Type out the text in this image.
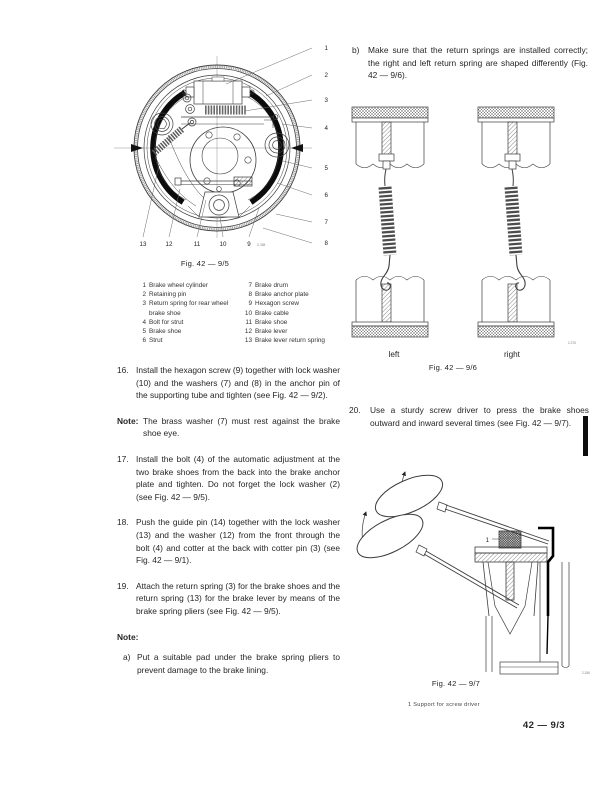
1
2
3
4
5
6
7
8
13	12	11	10	9 Z-358
Fig. 42 — 9/5
1 Brake wheel cylinder
2 Retaining pin
3 Return spring for rear wheel brake shoe
4 Bolt for strut
5 Brake shoe
6 Strut
7 Brake drum
8 Brake anchor plate
9 Hexagon screw
10 Brake cable
11 Brake shoe
12 Brake lever
13 Brake lever return spring

16. Install the hexagon screw (9) together with lock washer (10) and the washers (7) and (8) in the anchor pin of the supporting tube and tighten (see Fig. 42 — 9/2).

Note: The brass washer (7) must rest against the brake shoe eye.

17. Install the bolt (4) of the automatic adjustment at the two brake shoes from the back into the brake anchor plate and tighten. Do not forget the lock washer (2) (see Fig. 42 — 9/5).

18. Push the guide pin (14) together with the lock washer (13) and the washer (12) from the front through the bolt (4) and cotter at the back with cotter pin (3) (see Fig. 42 — 9/1).

19. Attach the return spring (3) for the brake shoes and the return spring (13) for the brake lever by means of the brake spring pliers (see Fig. 42 — 9/5).

Note:

a) Put a suitable pad under the brake spring pliers to prevent damage to the brake lining.

b) Make sure that the return springs are installed correctly; the right and left return spring are shaped differently (Fig. 42 — 9/6).

2-376
left	right
Fig. 42 — 9/6

20. Use a sturdy screw driver to press the brake shoes outward and inward several times (see Fig. 42 — 9/7).

1
2-356
Fig. 42 — 9/7
1 Support for screw driver
42 — 9/3
